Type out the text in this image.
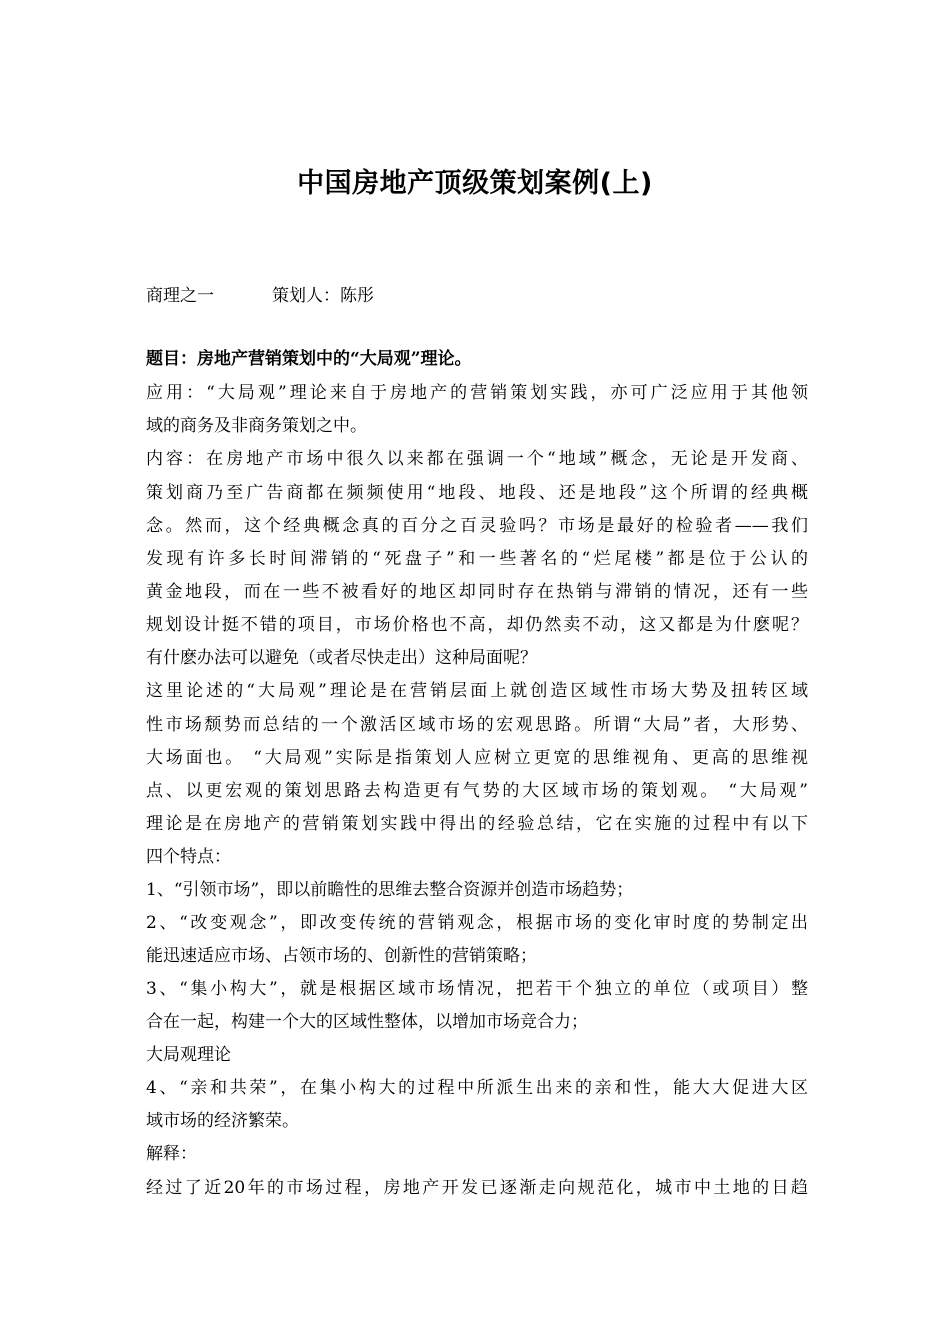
中国房地产顶级策划案例(上)
商理之一	策划人：陈彤
题目：房地产营销策划中的“大局观”理论。
应用：“大局观”理论来自于房地产的营销策划实践，亦可广泛应用于其他领
域的商务及非商务策划之中。
内容：在房地产市场中很久以来都在强调一个“地域”概念，无论是开发商、
策划商乃至广告商都在频频使用“地段、地段、还是地段”这个所谓的经典概
念。然而，这个经典概念真的百分之百灵验吗？市场是最好的检验者——我们
发现有许多长时间滞销的“死盘子”和一些著名的“烂尾楼”都是位于公认的
黄金地段，而在一些不被看好的地区却同时存在热销与滞销的情况，还有一些
规划设计挺不错的项目，市场价格也不高，却仍然卖不动，这又都是为什麽呢？
有什麽办法可以避免（或者尽快走出）这种局面呢？
这里论述的“大局观”理论是在营销层面上就创造区域性市场大势及扭转区域
性市场颓势而总结的一个激活区域市场的宏观思路。所谓“大局”者，大形势、
大场面也。 “大局观”实际是指策划人应树立更宽的思维视角、更高的思维视
点、以更宏观的策划思路去构造更有气势的大区域市场的策划观。 “大局观”
理论是在房地产的营销策划实践中得出的经验总结，它在实施的过程中有以下
四个特点：
1、“引领市场”，即以前瞻性的思维去整合资源并创造市场趋势；
2、“改变观念”，即改变传统的营销观念，根据市场的变化审时度的势制定出
能迅速适应市场、占领市场的、创新性的营销策略；
3、“集小构大”，就是根据区域市场情况，把若干个独立的单位（或项目）整
合在一起，构建一个大的区域性整体，以增加市场竞合力；
大局观理论
4、“亲和共荣”，在集小构大的过程中所派生出来的亲和性，能大大促进大区
域市场的经济繁荣。
解释：
经过了近20年的市场过程，房地产开发已逐渐走向规范化，城市中土地的日趋
